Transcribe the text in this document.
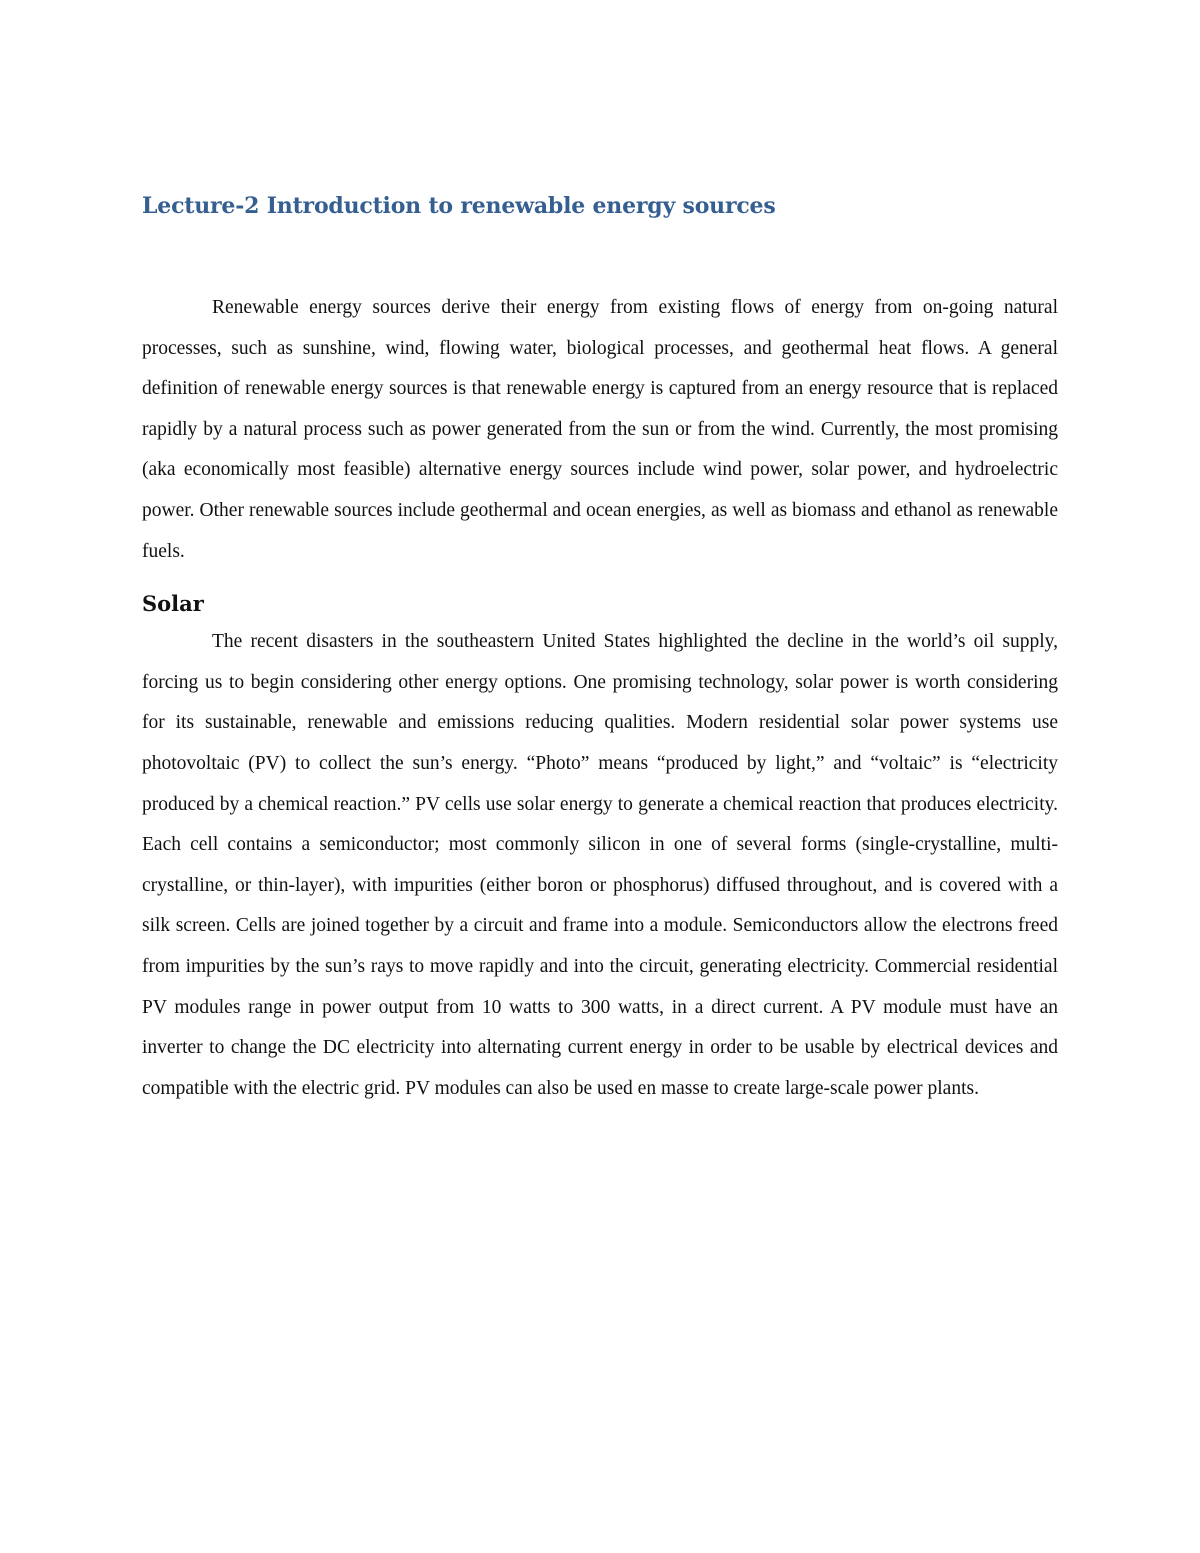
Lecture-2 Introduction to renewable energy sources

Renewable energy sources derive their energy from existing flows of energy from on-going natural processes, such as sunshine, wind, flowing water, biological processes, and geothermal heat flows. A general definition of renewable energy sources is that renewable energy is captured from an energy resource that is replaced rapidly by a natural process such as power generated from the sun or from the wind. Currently, the most promising (aka economically most feasible) alternative energy sources include wind power, solar power, and hydroelectric power. Other renewable sources include geothermal and ocean energies, as well as biomass and ethanol as renewable fuels.

Solar

The recent disasters in the southeastern United States highlighted the decline in the world’s oil supply, forcing us to begin considering other energy options. One promising technology, solar power is worth considering for its sustainable, renewable and emissions reducing qualities. Modern residential solar power systems use photovoltaic (PV) to collect the sun’s energy. “Photo” means “produced by light,” and “voltaic” is “electricity produced by a chemical reaction.” PV cells use solar energy to generate a chemical reaction that produces electricity. Each cell contains a semiconductor; most commonly silicon in one of several forms (single-crystalline, multi-crystalline, or thin-layer), with impurities (either boron or phosphorus) diffused throughout, and is covered with a silk screen. Cells are joined together by a circuit and frame into a module. Semiconductors allow the electrons freed from impurities by the sun’s rays to move rapidly and into the circuit, generating electricity. Commercial residential PV modules range in power output from 10 watts to 300 watts, in a direct current. A PV module must have an inverter to change the DC electricity into alternating current energy in order to be usable by electrical devices and compatible with the electric grid. PV modules can also be used en masse to create large-scale power plants.
